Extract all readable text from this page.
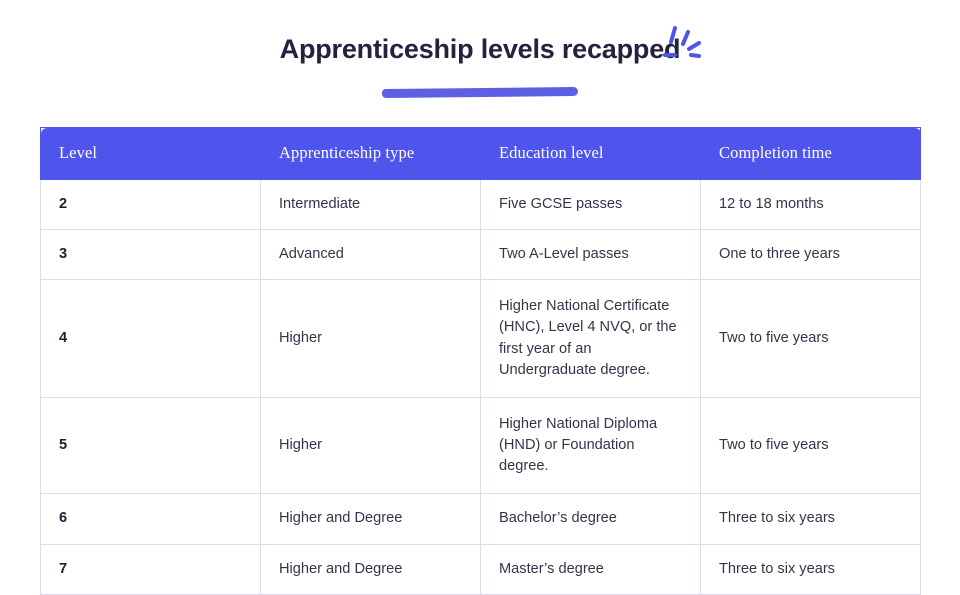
Apprenticeship levels recapped
Level	Apprenticeship type	Education level	Completion time
2	Intermediate	Five GCSE passes	12 to 18 months
3	Advanced	Two A-Level passes	One to three years
4	Higher	Higher National Certificate (HNC), Level 4 NVQ, or the first year of an Undergraduate degree.	Two to five years
5	Higher	Higher National Diploma (HND) or Foundation degree.	Two to five years
6	Higher and Degree	Bachelor’s degree	Three to six years
7	Higher and Degree	Master’s degree	Three to six years
